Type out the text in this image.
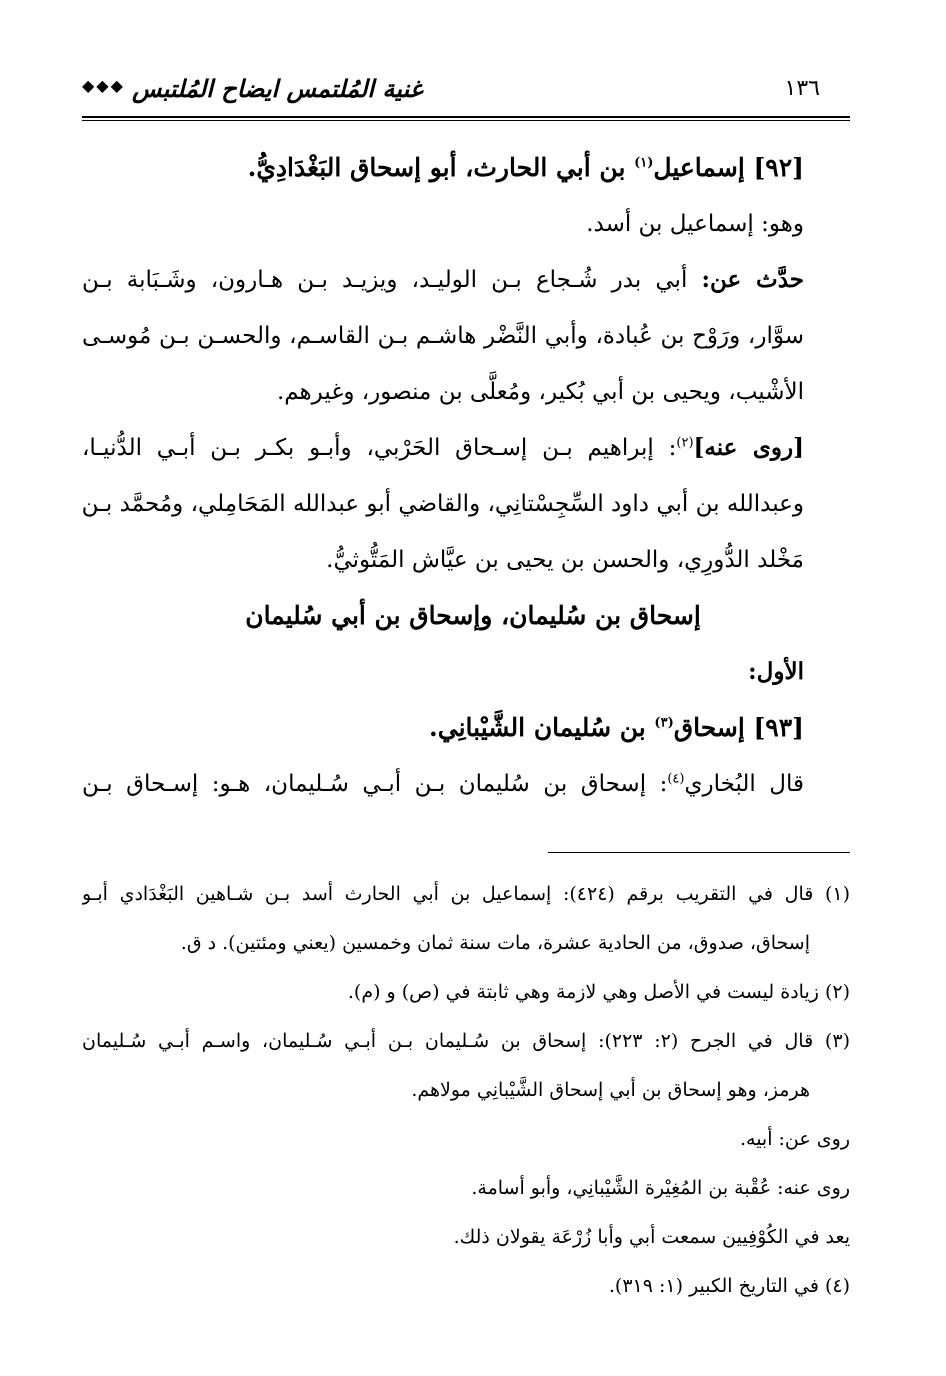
◆◆◆ غنية المُلتمس ايضاح المُلتبس	١٣٦
[٩٢] إسماعيل$^{(١)}$ بن أبي الحارث، أبو إسحاق البَغْدَادِيُّ.
وهو: إسماعيل بن أسد.
حدَّث عن: أبي بدر شُـجاع بـن الوليـد، ويزيـد بـن هـارون، وشَـبَابة بـن
سوَّار، ورَوْح بن عُبادة، وأبي النَّضْر هاشـم بـن القاسـم، والحسـن بـن مُوسـى
الأشْيب، ويحيى بن أبي بُكير، ومُعلَّى بن منصور، وغيرهم.
[روى عنه]$^{(٢)}$: إبراهيم بـن إسـحاق الحَرْبي، وأبـو بكـر بـن أبـي الدُّنيـا،
وعبدالله بن أبي داود السِّجِسْتانِي، والقاضي أبو عبدالله المَحَامِلي، ومُحمَّد بـن
مَخْلد الدُّورِي، والحسن بن يحيى بن عيَّاش المَتُّوثيُّ.
إسحاق بن سُليمان، وإسحاق بن أبي سُليمان
الأول:
[٩٣] إسحاق$^{(٣)}$ بن سُليمان الشَّيْبانِي.
قال البُخاري$^{(٤)}$: إسحاق بن سُليمان بـن أبـي سُـليمان، هـو: إسـحاق بـن
(١) قال في التقريب برقم (٤٢٤): إسماعيل بن أبي الحارث أسد بـن شـاهين البَغْدَادي أبـو
إسحاق، صدوق، من الحادية عشرة، مات سنة ثمان وخمسين (يعني ومئتين). د ق.
(٢) زيادة ليست في الأصل وهي لازمة وهي ثابتة في (ص) و (م).
(٣) قال في الجرح (٢: ٢٢٣): إسحاق بن سُـليمان بـن أبـي سُـليمان، واسـم أبـي سُـليمان
هرمز، وهو إسحاق بن أبي إسحاق الشَّيْبانِي مولاهم.
روى عن: أبيه.
روى عنه: عُقْبة بن المُغِيْرة الشَّيْبانِي، وأبو أسامة.
يعد في الكُوْفِيين سمعت أبي وأبا زُرْعَة يقولان ذلك.
(٤) في التاريخ الكبير (١: ٣١٩).
